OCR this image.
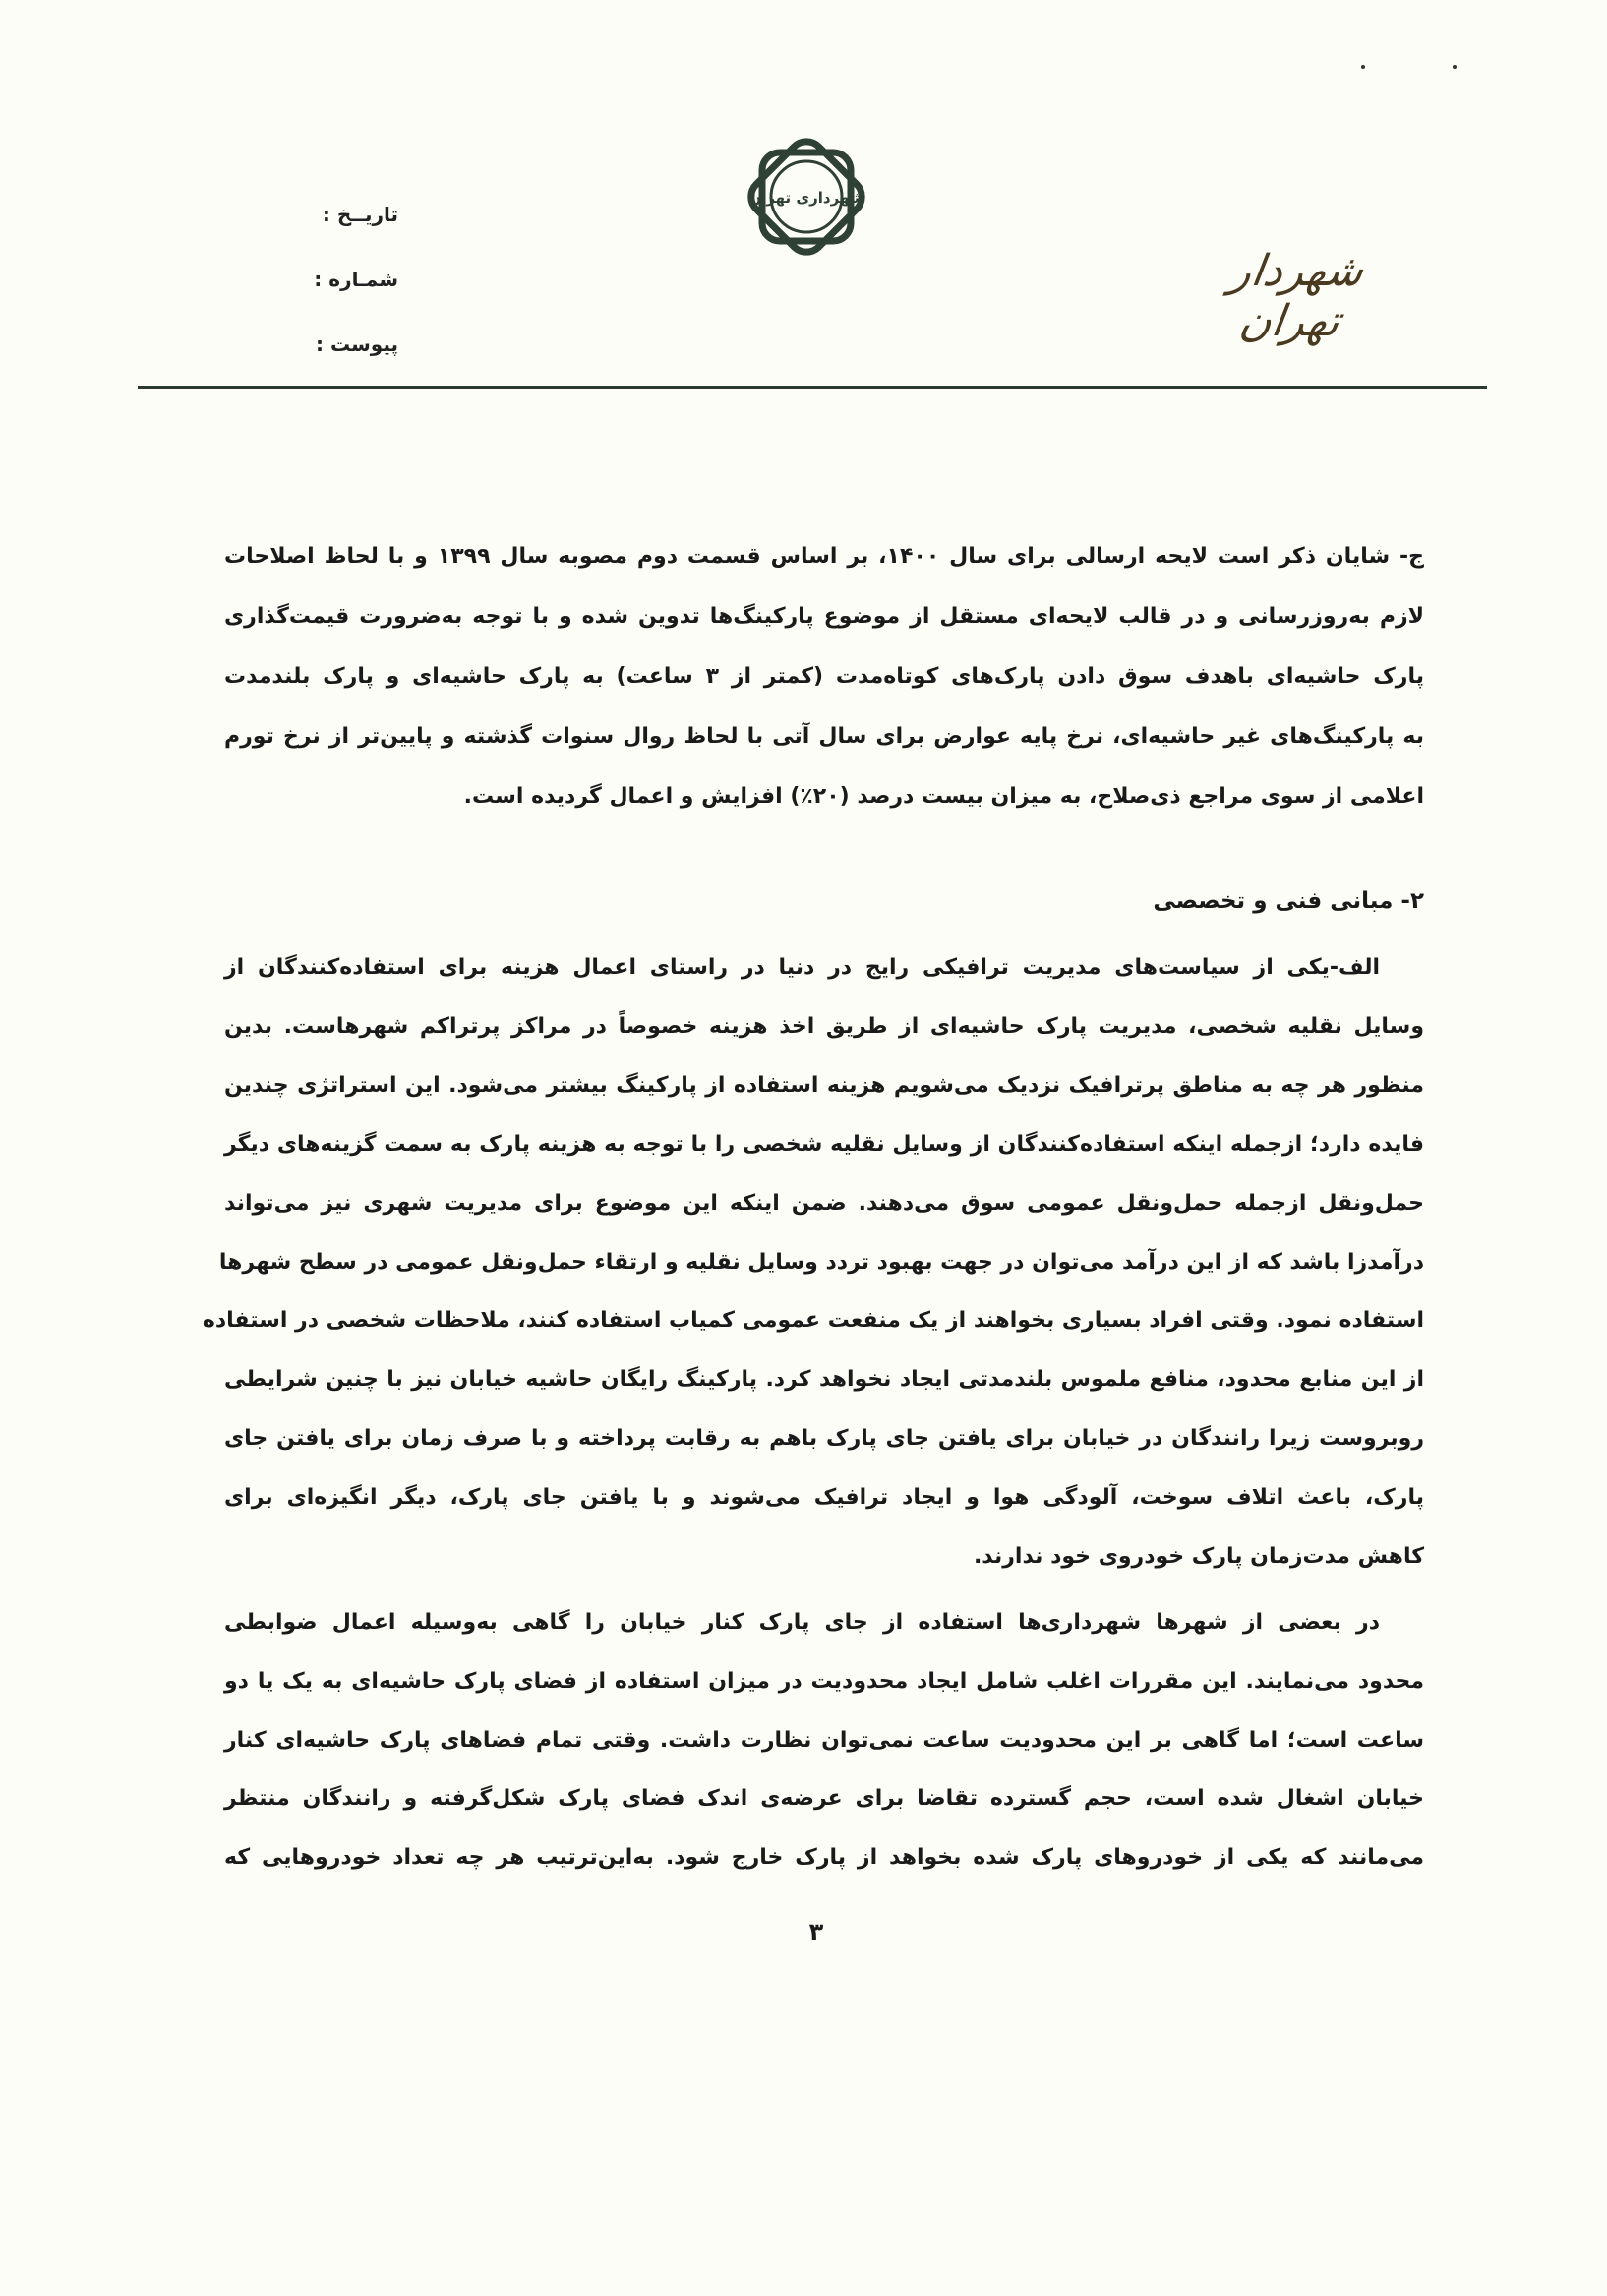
تاریــخ :
شمـاره :
پیوست :
شهرداری تهران
شهردار تهران
ج- شایان ذکر است لایحه ارسالی برای سال ۱۴۰۰، بر اساس قسمت دوم مصوبه سال ۱۳۹۹ و با لحاظ اصلاحات
لازم به‌روزرسانی و در قالب لایحه‌ای مستقل از موضوع پارکینگ‌ها تدوین شده و با توجه به‌ضرورت قیمت‌گذاری
پارک حاشیه‌ای باهدف سوق دادن پارک‌های کوتاه‌مدت (کمتر از ۳ ساعت) به پارک حاشیه‌ای و پارک بلندمدت
به پارکینگ‌های غیر حاشیه‌ای، نرخ پایه عوارض برای سال آتی با لحاظ روال سنوات گذشته و پایین‌تر از نرخ تورم
اعلامی از سوی مراجع ذی‌صلاح، به میزان بیست درصد (۲۰٪) افزایش و اعمال گردیده است.
الف-یکی از سیاست‌های مدیریت ترافیکی رایج در دنیا در راستای اعمال هزینه برای استفاده‌کنندگان از
وسایل نقلیه شخصی، مدیریت پارک حاشیه‌ای از طریق اخذ هزینه خصوصاً در مراکز پرتراکم شهرهاست. بدین
منظور هر چه به مناطق پرترافیک نزدیک می‌شویم هزینه استفاده از پارکینگ بیشتر می‌شود. این استراتژی چندین
فایده دارد؛ ازجمله اینکه استفاده‌کنندگان از وسایل نقلیه شخصی را با توجه به هزینه پارک به سمت گزینه‌های دیگر
حمل‌ونقل ازجمله حمل‌ونقل عمومی سوق می‌دهند. ضمن اینکه این موضوع برای مدیریت شهری نیز می‌تواند
درآمدزا باشد که از این درآمد می‌توان در جهت بهبود تردد وسایل نقلیه و ارتقاء حمل‌ونقل عمومی در سطح شهرها
استفاده نمود. وقتی افراد بسیاری بخواهند از یک منفعت عمومی کمیاب استفاده کنند، ملاحظات شخصی در استفاده
از این منابع محدود، منافع ملموس بلندمدتی ایجاد نخواهد کرد. پارکینگ رایگان حاشیه خیابان نیز با چنین شرایطی
روبروست زیرا رانندگان در خیابان برای یافتن جای پارک باهم به رقابت پرداخته و با صرف زمان برای یافتن جای
پارک، باعث اتلاف سوخت، آلودگی هوا و ایجاد ترافیک می‌شوند و با یافتن جای پارک، دیگر انگیزه‌ای برای
کاهش مدت‌زمان پارک خودروی خود ندارند.
در بعضی از شهرها شهرداری‌ها استفاده از جای پارک کنار خیابان را گاهی به‌وسیله اعمال ضوابطی
محدود می‌نمایند. این مقررات اغلب شامل ایجاد محدودیت در میزان استفاده از فضای پارک حاشیه‌ای به یک یا دو
ساعت است؛ اما گاهی بر این محدودیت ساعت نمی‌توان نظارت داشت. وقتی تمام فضاهای پارک حاشیه‌ای کنار
خیابان اشغال شده است، حجم گسترده تقاضا برای عرضه‌ی اندک فضای پارک شکل‌گرفته و رانندگان منتظر
می‌مانند که یکی از خودروهای پارک شده بخواهد از پارک خارج شود. به‌این‌ترتیب هر چه تعداد خودروهایی که
۲- مبانی فنی و تخصصی
۳
